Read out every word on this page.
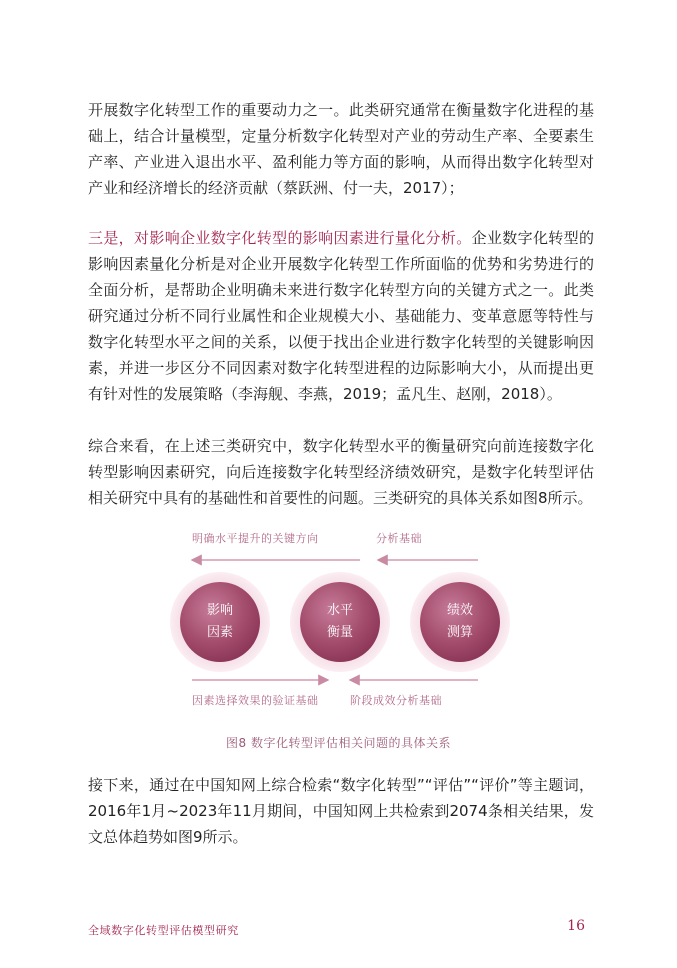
开展数字化转型工作的重要动力之一。此类研究通常在衡量数字化进程的基础上，结合计量模型，定量分析数字化转型对产业的劳动生产率、全要素生产率、产业进入退出水平、盈利能力等方面的影响，从而得出数字化转型对产业和经济增长的经济贡献（蔡跃洲、付一夫，2017）；

三是，对影响企业数字化转型的影响因素进行量化分析。企业数字化转型的影响因素量化分析是对企业开展数字化转型工作所面临的优势和劣势进行的全面分析，是帮助企业明确未来进行数字化转型方向的关键方式之一。此类研究通过分析不同行业属性和企业规模大小、基础能力、变革意愿等特性与数字化转型水平之间的关系，以便于找出企业进行数字化转型的关键影响因素，并进一步区分不同因素对数字化转型进程的边际影响大小，从而提出更有针对性的发展策略（李海舰、李燕，2019；孟凡生、赵刚，2018）。

综合来看，在上述三类研究中，数字化转型水平的衡量研究向前连接数字化转型影响因素研究，向后连接数字化转型经济绩效研究，是数字化转型评估相关研究中具有的基础性和首要性的问题。三类研究的具体关系如图8所示。

明确水平提升的关键方向	分析基础
影响
因素
水平
衡量
绩效
测算
因素选择效果的验证基础	阶段成效分析基础
图8 数字化转型评估相关问题的具体关系

接下来，通过在中国知网上综合检索“数字化转型”“评估”“评价”等主题词，2016年1月~2023年11月期间，中国知网上共检索到2074条相关结果，发文总体趋势如图9所示。

全域数字化转型评估模型研究	16
